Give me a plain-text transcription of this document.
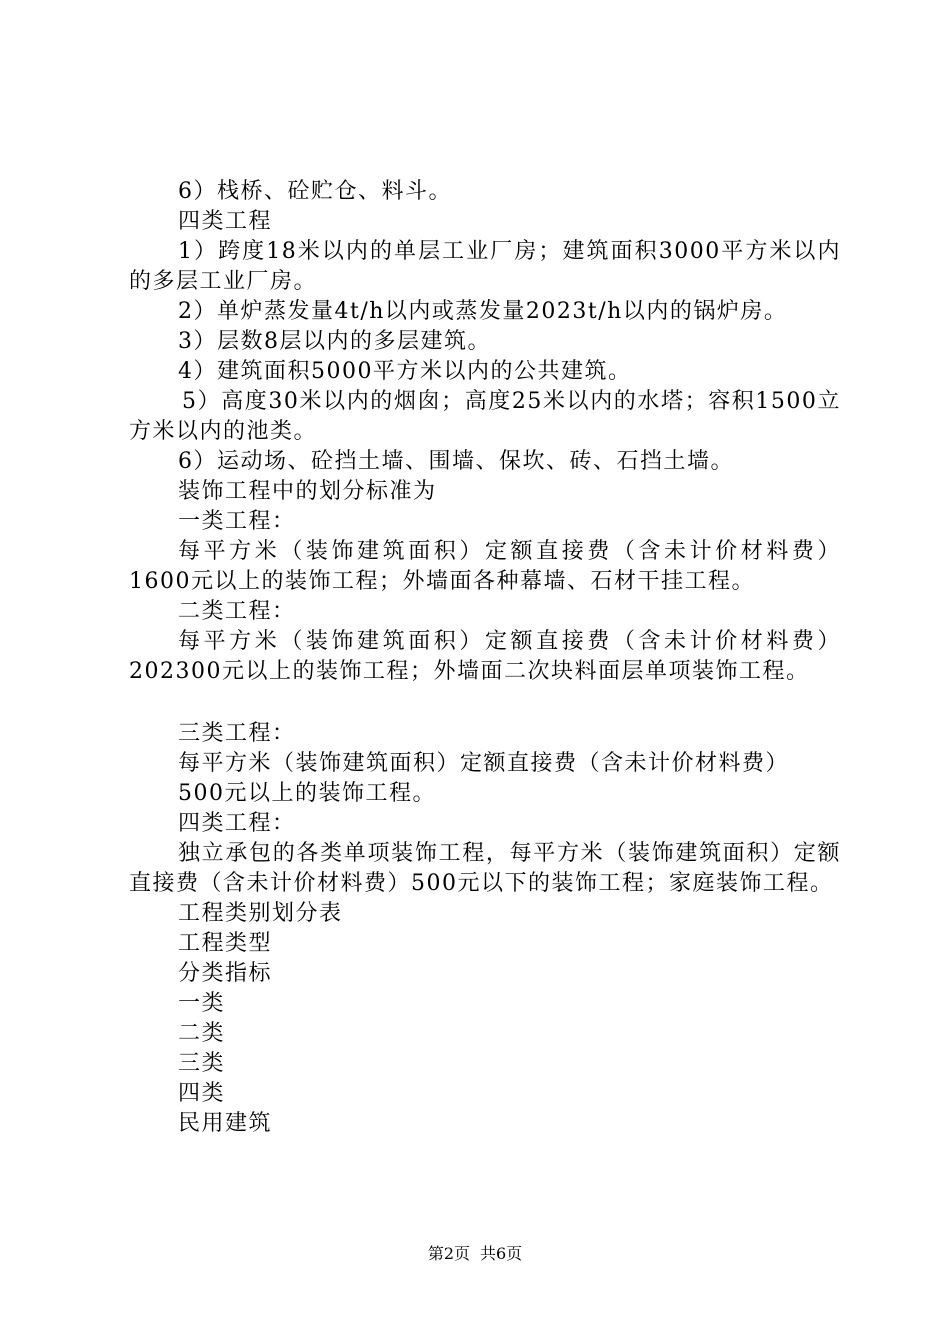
6）栈桥、砼贮仓、料斗。

四类工程

1）跨度18米以内的单层工业厂房；建筑面积3000平方米以内的多层工业厂房。

2）单炉蒸发量4t/h以内或蒸发量2023t/h以内的锅炉房。

3）层数8层以内的多层建筑。

4）建筑面积5000平方米以内的公共建筑。

5）高度30米以内的烟囱；高度25米以内的水塔；容积1500立方米以内的池类。

6）运动场、砼挡土墙、围墙、保坎、砖、石挡土墙。

装饰工程中的划分标准为

一类工程：

每平方米（装饰建筑面积）定额直接费（含未计价材料费）1600元以上的装饰工程；外墙面各种幕墙、石材干挂工程。

二类工程：

每平方米（装饰建筑面积）定额直接费（含未计价材料费）202300元以上的装饰工程；外墙面二次块料面层单项装饰工程。

三类工程：

每平方米（装饰建筑面积）定额直接费（含未计价材料费）

500元以上的装饰工程。

四类工程：

独立承包的各类单项装饰工程，每平方米（装饰建筑面积）定额直接费（含未计价材料费）500元以下的装饰工程；家庭装饰工程。

工程类别划分表

工程类型

分类指标

一类

二类

三类

四类

民用建筑

第2页 共6页
